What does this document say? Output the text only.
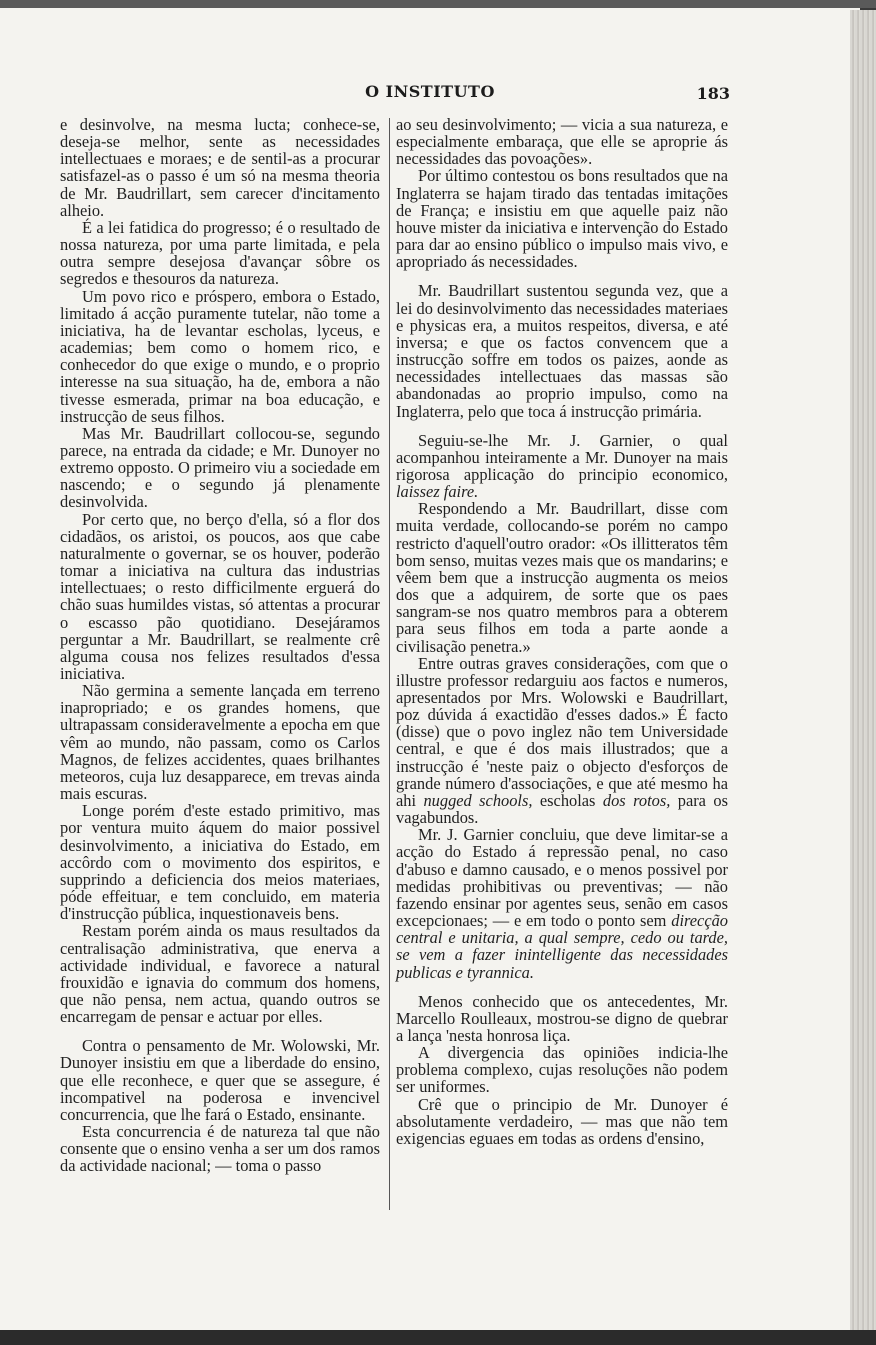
O INSTITUTO	183

e desinvolve, na mesma lucta; conhece-se, deseja-se melhor, sente as necessidades intellectuaes e moraes; e de sentil-as a procurar satisfazel-as o passo é um só na mesma theoria de Mr. Baudrillart, sem carecer d'incitamento alheio.

É a lei fatidica do progresso; é o resultado de nossa natureza, por uma parte limitada, e pela outra sempre desejosa d'avançar sôbre os segredos e thesouros da natureza.

Um povo rico e próspero, embora o Estado, limitado á acção puramente tutelar, não tome a iniciativa, ha de levantar escholas, lyceus, e academias; bem como o homem rico, e conhecedor do que exige o mundo, e o proprio interesse na sua situação, ha de, embora a não tivesse esmerada, primar na boa educação, e instrucção de seus filhos.

Mas Mr. Baudrillart collocou-se, segundo parece, na entrada da cidade; e Mr. Dunoyer no extremo opposto. O primeiro viu a sociedade em nascendo; e o segundo já plenamente desinvolvida.

Por certo que, no berço d'ella, só a flor dos cidadãos, os aristoi, os poucos, aos que cabe naturalmente o governar, se os houver, poderão tomar a iniciativa na cultura das industrias intellectuaes; o resto difficilmente erguerá do chão suas humildes vistas, só attentas a procurar o escasso pão quotidiano. Desejáramos perguntar a Mr. Baudrillart, se realmente crê alguma cousa nos felizes resultados d'essa iniciativa.

Não germina a semente lançada em terreno inapropriado; e os grandes homens, que ultrapassam consideravelmente a epocha em que vêm ao mundo, não passam, como os Carlos Magnos, de felizes accidentes, quaes brilhantes meteoros, cuja luz desapparece, em trevas ainda mais escuras.

Longe porém d'este estado primitivo, mas por ventura muito áquem do maior possivel desinvolvimento, a iniciativa do Estado, em accôrdo com o movimento dos espiritos, e supprindo a deficiencia dos meios materiaes, póde effeituar, e tem concluido, em materia d'instrucção pública, inquestionaveis bens.

Restam porém ainda os maus resultados da centralisação administrativa, que enerva a actividade individual, e favorece a natural frouxidão e ignavia do commum dos homens, que não pensa, nem actua, quando outros se encarregam de pensar e actuar por elles.

Contra o pensamento de Mr. Wolowski, Mr. Dunoyer insistiu em que a liberdade do ensino, que elle reconhece, e quer que se assegure, é incompativel na poderosa e invencivel concurrencia, que lhe fará o Estado, ensinante.

Esta concurrencia é de natureza tal que não consente que o ensino venha a ser um dos ramos da actividade nacional; — toma o passo

ao seu desinvolvimento; — vicia a sua natureza, e especialmente embaraça, que elle se aproprie ás necessidades das povoações».

Por último contestou os bons resultados que na Inglaterra se hajam tirado das tentadas imitações de França; e insistiu em que aquelle paiz não houve mister da iniciativa e intervenção do Estado para dar ao ensino público o impulso mais vivo, e apropriado ás necessidades.

Mr. Baudrillart sustentou segunda vez, que a lei do desinvolvimento das necessidades materiaes e physicas era, a muitos respeitos, diversa, e até inversa; e que os factos convencem que a instrucção soffre em todos os paizes, aonde as necessidades intellectuaes das massas são abandonadas ao proprio impulso, como na Inglaterra, pelo que toca á instrucção primária.

Seguiu-se-lhe Mr. J. Garnier, o qual acompanhou inteiramente a Mr. Dunoyer na mais rigorosa applicação do principio economico, laissez faire.

Respondendo a Mr. Baudrillart, disse com muita verdade, collocando-se porém no campo restricto d'aquell'outro orador: «Os illitteratos têm bom senso, muitas vezes mais que os mandarins; e vêem bem que a instrucção augmenta os meios dos que a adquirem, de sorte que os paes sangram-se nos quatro membros para a obterem para seus filhos em toda a parte aonde a civilisação penetra.»

Entre outras graves considerações, com que o illustre professor redarguiu aos factos e numeros, apresentados por Mrs. Wolowski e Baudrillart, poz dúvida á exactidão d'esses dados.» É facto (disse) que o povo inglez não tem Universidade central, e que é dos mais illustrados; que a instrucção é 'neste paiz o objecto d'esforços de grande número d'associações, e que até mesmo ha ahi nugged schools, escholas dos rotos, para os vagabundos.

Mr. J. Garnier concluiu, que deve limitar-se a acção do Estado á repressão penal, no caso d'abuso e damno causado, e o menos possivel por medidas prohibitivas ou preventivas; — não fazendo ensinar por agentes seus, senão em casos excepcionaes; — e em todo o ponto sem direcção central e unitaria, a qual sempre, cedo ou tarde, se vem a fazer inintelligente das necessidades publicas e tyrannica.

Menos conhecido que os antecedentes, Mr. Marcello Roulleaux, mostrou-se digno de quebrar a lança 'nesta honrosa liça.

A divergencia das opiniões indicia-lhe problema complexo, cujas resoluções não podem ser uniformes.

Crê que o principio de Mr. Dunoyer é absolutamente verdadeiro, — mas que não tem exigencias eguaes em todas as ordens d'ensino,
